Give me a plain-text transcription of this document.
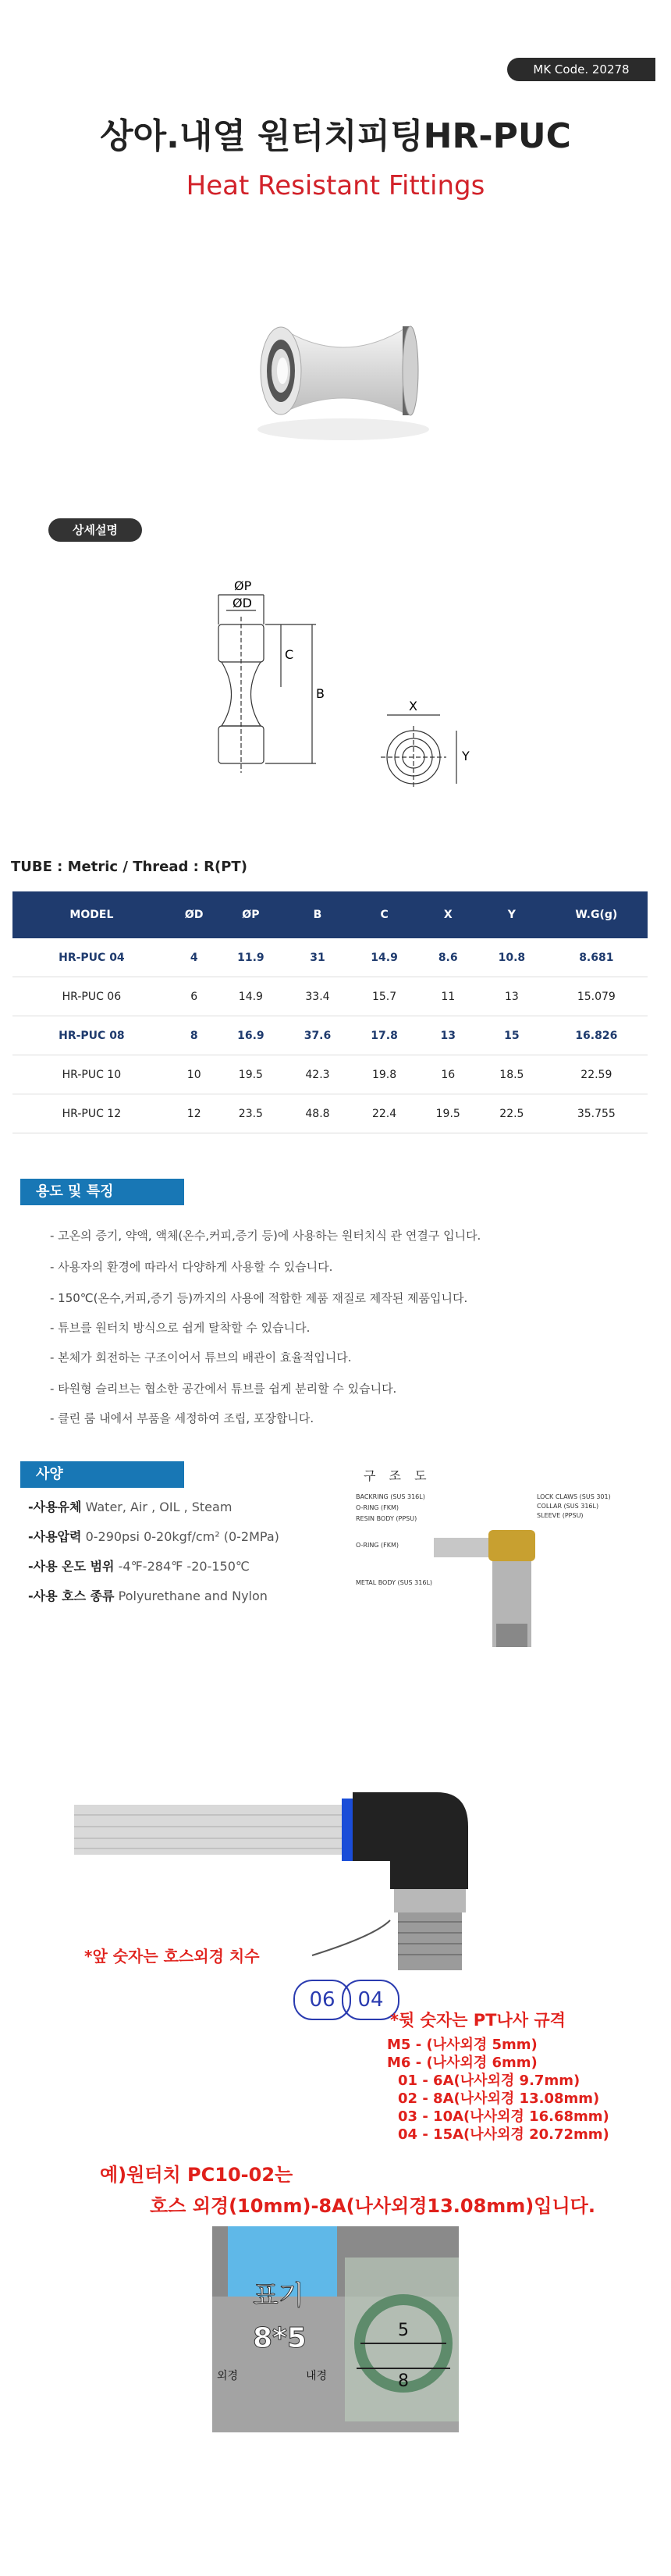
MK Code. 20278
상아.내열 원터치피팅HR-PUC
Heat Resistant Fittings
상세설명
ØP
ØD
C
B
X
Y
TUBE : Metric / Thread : R(PT)
MODEL	ØD	ØP	B	C	X	Y	W.G(g)
HR-PUC 04	4	11.9	31	14.9	8.6	10.8	8.681
HR-PUC 06	6	14.9	33.4	15.7	11	13	15.079
HR-PUC 08	8	16.9	37.6	17.8	13	15	16.826
HR-PUC 10	10	19.5	42.3	19.8	16	18.5	22.59
HR-PUC 12	12	23.5	48.8	22.4	19.5	22.5	35.755
용도 및 특징
- 고온의 증기, 약액, 액체(온수,커피,증기 등)에 사용하는 원터치식 관 연결구 입니다.
- 사용자의 환경에 따라서 다양하게 사용할 수 있습니다.
- 150℃(온수,커피,증기 등)까지의 사용에 적합한 제품 재질로 제작된 제품입니다.
- 튜브를 원터치 방식으로 쉽게 탈착할 수 있습니다.
- 본체가 회전하는 구조이어서 튜브의 배관이 효율적입니다.
- 타원형 슬리브는 협소한 공간에서 튜브를 쉽게 분리할 수 있습니다.
- 클린 룸 내에서 부품을 세정하여 조립, 포장합니다.
사양
-사용유체 Water, Air , OIL , Steam
-사용압력 0-290psi 0-20kgf/cm² (0-2MPa)
-사용 온도 범위 -4℉-284℉ -20-150℃
-사용 호스 종류 Polyurethane and Nylon
구 조 도
BACKRING (SUS 316L)
O-RING (FKM)
RESIN BODY (PPSU)
O-RING (FKM)
METAL BODY (SUS 316L)
LOCK CLAWS (SUS 301)
COLLAR (SUS 316L)
SLEEVE (PPSU)
*앞 숫자는 호스외경 치수
06	04
*뒷 숫자는 PT나사 규격
M5 - (나사외경 5mm)
M6 - (나사외경 6mm)
01 - 6A(나사외경 9.7mm)
02 - 8A(나사외경 13.08mm)
03 - 10A(나사외경 16.68mm)
04 - 15A(나사외경 20.72mm)
예)원터치 PC10-02는
호스 외경(10mm)-8A(나사외경13.08mm)입니다.
5
8
표기
8*5
외경	내경
